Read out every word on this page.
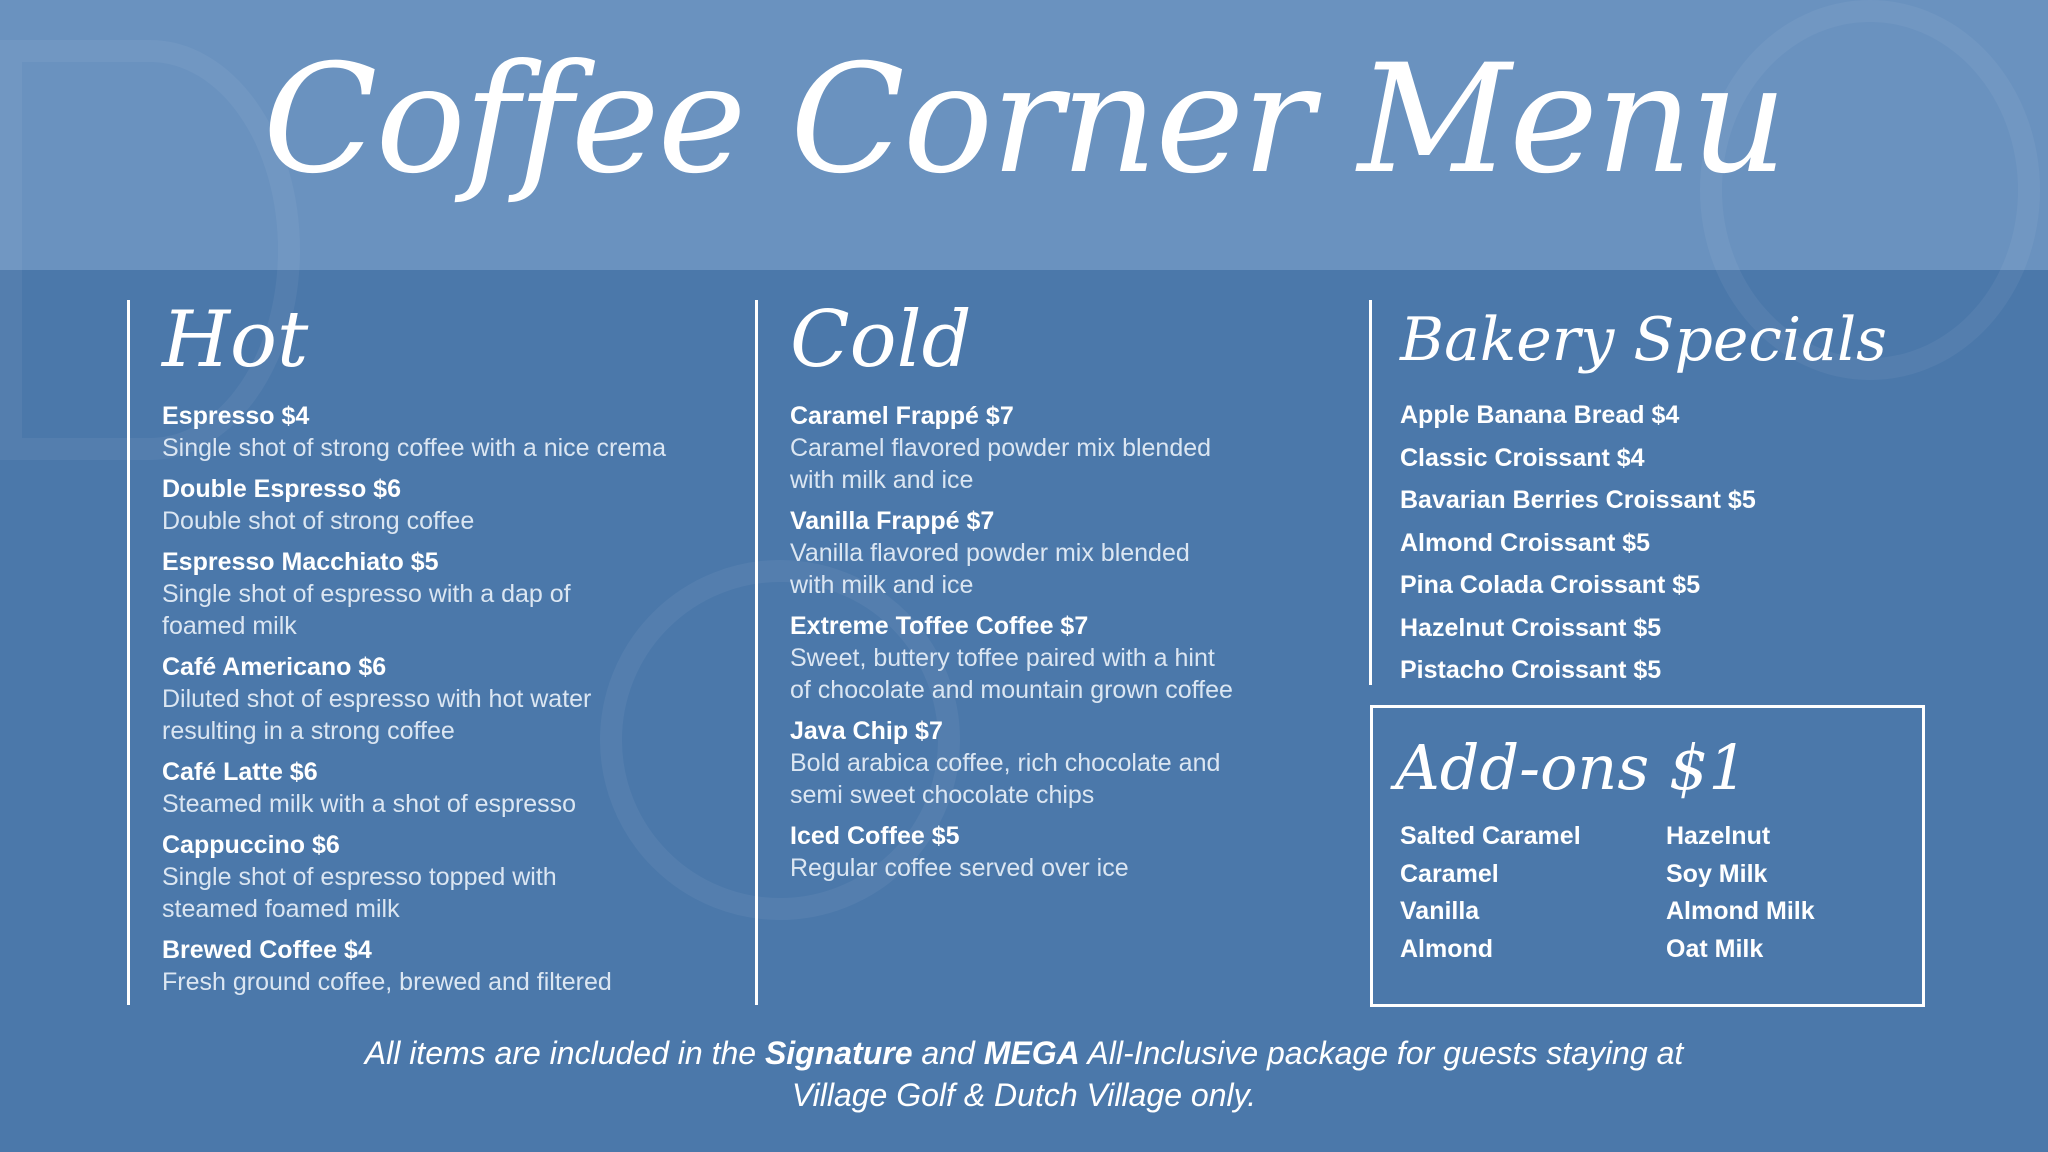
Coffee Corner Menu
Hot
Espresso $4
Single shot of strong coffee with a nice crema
Double Espresso $6
Double shot of strong coffee
Espresso Macchiato $5
Single shot of espresso with a dap of
foamed milk
Café Americano $6
Diluted shot of espresso with hot water
resulting in a strong coffee
Café Latte $6
Steamed milk with a shot of espresso
Cappuccino $6
Single shot of espresso topped with
steamed foamed milk
Brewed Coffee $4
Fresh ground coffee, brewed and filtered
Cold
Caramel Frappé $7
Caramel flavored powder mix blended
with milk and ice
Vanilla Frappé $7
Vanilla flavored powder mix blended
with milk and ice
Extreme Toffee Coffee $7
Sweet, buttery toffee paired with a hint
of chocolate and mountain grown coffee
Java Chip $7
Bold arabica coffee, rich chocolate and
semi sweet chocolate chips
Iced Coffee $5
Regular coffee served over ice
Bakery Specials
Apple Banana Bread $4
Classic Croissant $4
Bavarian Berries Croissant $5
Almond Croissant $5
Pina Colada Croissant $5
Hazelnut Croissant $5
Pistacho Croissant $5
Add-ons $1
Salted Caramel
Caramel
Vanilla
Almond
Hazelnut
Soy Milk
Almond Milk
Oat Milk
All items are included in the Signature and MEGA All-Inclusive package for guests staying at
Village Golf & Dutch Village only.
